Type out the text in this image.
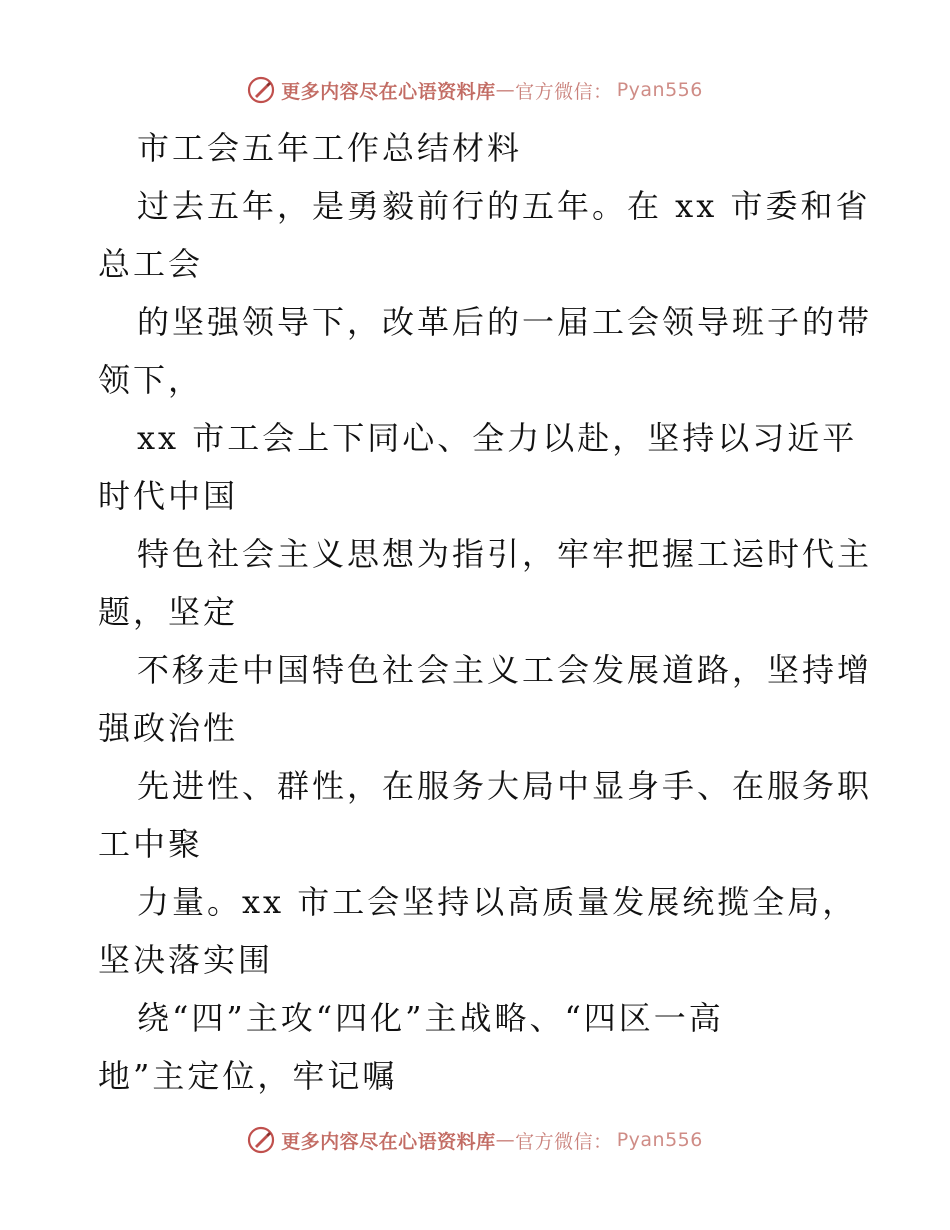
更多内容尽在心语资料库 — 官方微信： Pyan556
市工会五年工作总结材料
过去五年，是勇毅前行的五年。在 xx 市委和省
总工会
的坚强领导下，改革后的一届工会领导班子的带
领下，
xx 市工会上下同心、全力以赴，坚持以习近平
时代中国
特色社会主义思想为指引，牢牢把握工运时代主
题，坚定
不移走中国特色社会主义工会发展道路，坚持增
强政治性
先进性、群性，在服务大局中显身手、在服务职
工中聚
力量。xx 市工会坚持以高质量发展统揽全局，
坚决落实围
绕“四”主攻“四化”主战略、“四区一高
地”主定位，牢记嘱
更多内容尽在心语资料库 — 官方微信： Pyan556
